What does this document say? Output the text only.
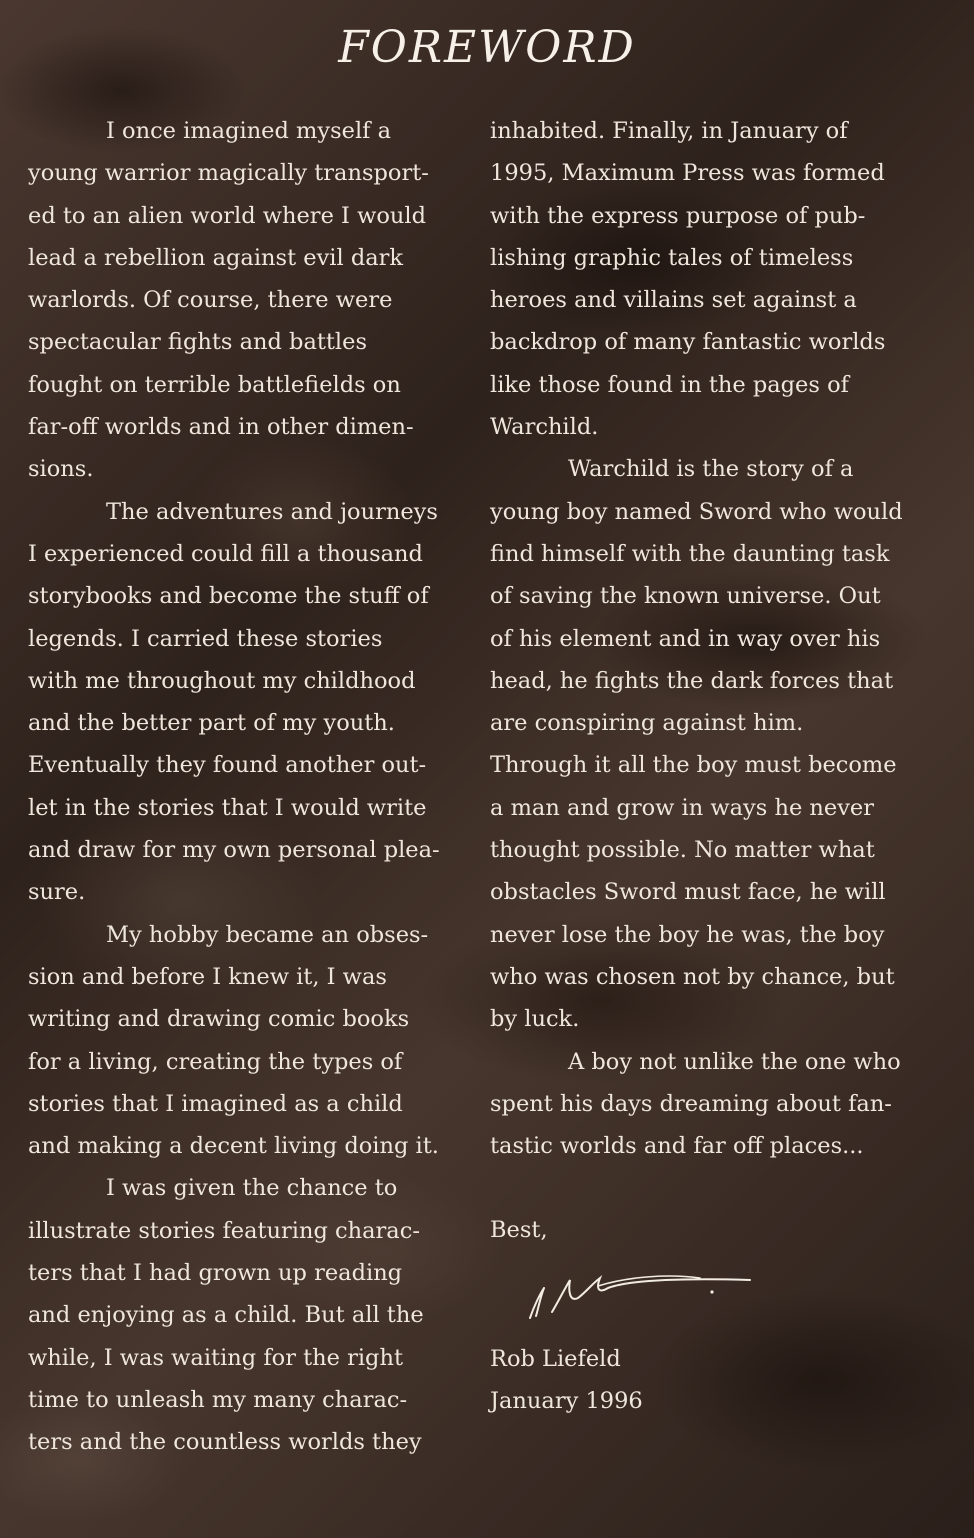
FOREWORD
I once imagined myself a
young warrior magically transport-
ed to an alien world where I would
lead a rebellion against evil dark
warlords. Of course, there were
spectacular fights and battles
fought on terrible battlefields on
far-off worlds and in other dimen-
sions.
The adventures and journeys
I experienced could fill a thousand
storybooks and become the stuff of
legends. I carried these stories
with me throughout my childhood
and the better part of my youth.
Eventually they found another out-
let in the stories that I would write
and draw for my own personal plea-
sure.
My hobby became an obses-
sion and before I knew it, I was
writing and drawing comic books
for a living, creating the types of
stories that I imagined as a child
and making a decent living doing it.
I was given the chance to
illustrate stories featuring charac-
ters that I had grown up reading
and enjoying as a child. But all the
while, I was waiting for the right
time to unleash my many charac-
ters and the countless worlds they
inhabited. Finally, in January of
1995, Maximum Press was formed
with the express purpose of pub-
lishing graphic tales of timeless
heroes and villains set against a
backdrop of many fantastic worlds
like those found in the pages of
Warchild.
Warchild is the story of a
young boy named Sword who would
find himself with the daunting task
of saving the known universe. Out
of his element and in way over his
head, he fights the dark forces that
are conspiring against him.
Through it all the boy must become
a man and grow in ways he never
thought possible. No matter what
obstacles Sword must face, he will
never lose the boy he was, the boy
who was chosen not by chance, but
by luck.
A boy not unlike the one who
spent his days dreaming about fan-
tastic worlds and far off places...
Best,
Rob Liefeld
January 1996
